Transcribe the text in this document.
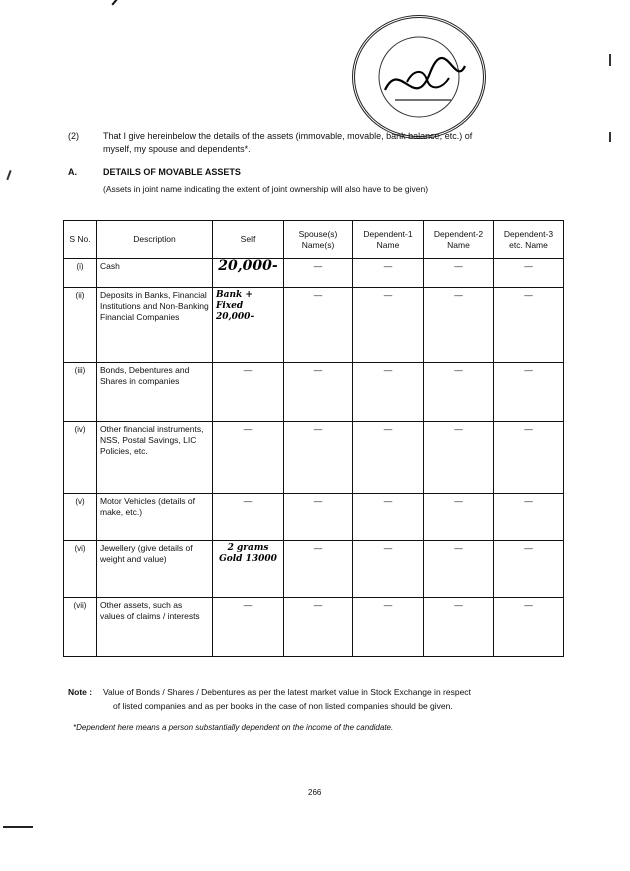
(2)	That I give hereinbelow the details of the assets (immovable, movable, bank balance, etc.) of
myself, my spouse and dependents*.
A.	DETAILS OF MOVABLE ASSETS
(Assets in joint name indicating the extent of joint ownership will also have to be given)
S No.	Description	Self	Spouse(s) Name(s)	Dependent-1 Name	Dependent-2 Name	Dependent-3 etc. Name
(i)	Cash	20,000-	—	—	—	—
(ii)	Deposits in Banks, Financial Institutions and Non-Banking Financial Companies	Bank + Fixed 20,000-	—	—	—	—
(iii)	Bonds, Debentures and Shares in companies	—	—	—	—	—
(iv)	Other financial instruments, NSS, Postal Savings, LIC Policies, etc.	—	—	—	—	—
(v)	Motor Vehicles (details of make, etc.)	—	—	—	—	—
(vi)	Jewellery (give details of weight and value)	2 grams Gold 13000	—	—	—	—
(vii)	Other assets, such as values of claims / interests	—	—	—	—	—
Note : Value of Bonds / Shares / Debentures as per the latest market value in Stock Exchange in respect
of listed companies and as per books in the case of non listed companies should be given.
*Dependent here means a person substantially dependent on the income of the candidate.
266
